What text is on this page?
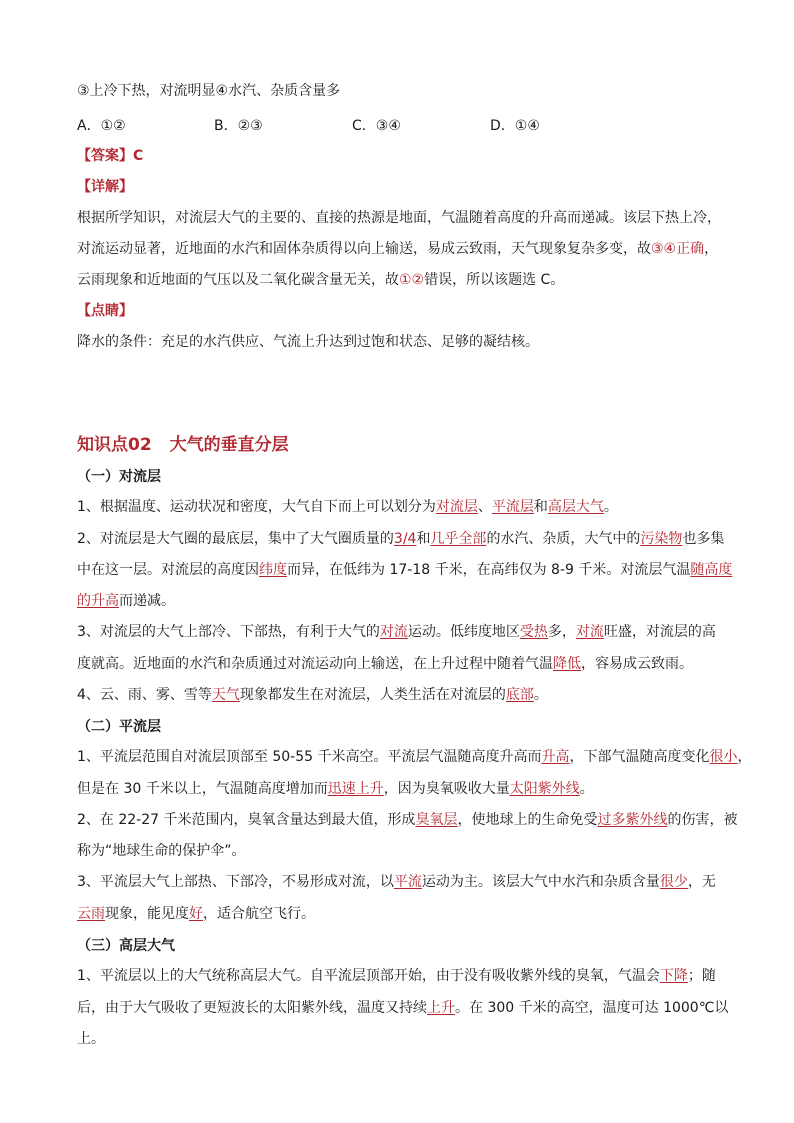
③上冷下热，对流明显④水汽、杂质含量多
A．①②	B．②③	C．③④	D．①④
【答案】C
【详解】
根据所学知识，对流层大气的主要的、直接的热源是地面，气温随着高度的升高而递减。该层下热上冷，
对流运动显著，近地面的水汽和固体杂质得以向上输送，易成云致雨，天气现象复杂多变，故③④正确，
云雨现象和近地面的气压以及二氧化碳含量无关，故①②错误，所以该题选 C。
【点睛】
降水的条件：充足的水汽供应、气流上升达到过饱和状态、足够的凝结核。
知识点02 大气的垂直分层
（一）对流层
1、根据温度、运动状况和密度，大气自下而上可以划分为对流层、平流层和高层大气。
2、对流层是大气圈的最底层，集中了大气圈质量的3/4和几乎全部的水汽、杂质，大气中的污染物也多集
中在这一层。对流层的高度因纬度而异，在低纬为 17-18 千米，在高纬仅为 8-9 千米。对流层气温随高度
的升高而递减。
3、对流层的大气上部冷、下部热，有利于大气的对流运动。低纬度地区受热多，对流旺盛，对流层的高
度就高。近地面的水汽和杂质通过对流运动向上输送，在上升过程中随着气温降低，容易成云致雨。
4、云、雨、雾、雪等天气现象都发生在对流层，人类生活在对流层的底部。
（二）平流层
1、平流层范围自对流层顶部至 50-55 千米高空。平流层气温随高度升高而升高，下部气温随高度变化很小，
但是在 30 千米以上，气温随高度增加而迅速上升，因为臭氧吸收大量太阳紫外线。
2、在 22-27 千米范围内，臭氧含量达到最大值，形成臭氧层，使地球上的生命免受过多紫外线的伤害，被
称为“地球生命的保护伞”。
3、平流层大气上部热、下部冷，不易形成对流，以平流运动为主。该层大气中水汽和杂质含量很少，无
云雨现象，能见度好，适合航空飞行。
（三）高层大气
1、平流层以上的大气统称高层大气。自平流层顶部开始，由于没有吸收紫外线的臭氧，气温会下降；随
后，由于大气吸收了更短波长的太阳紫外线，温度又持续上升。在 300 千米的高空，温度可达 1000℃以
上。
